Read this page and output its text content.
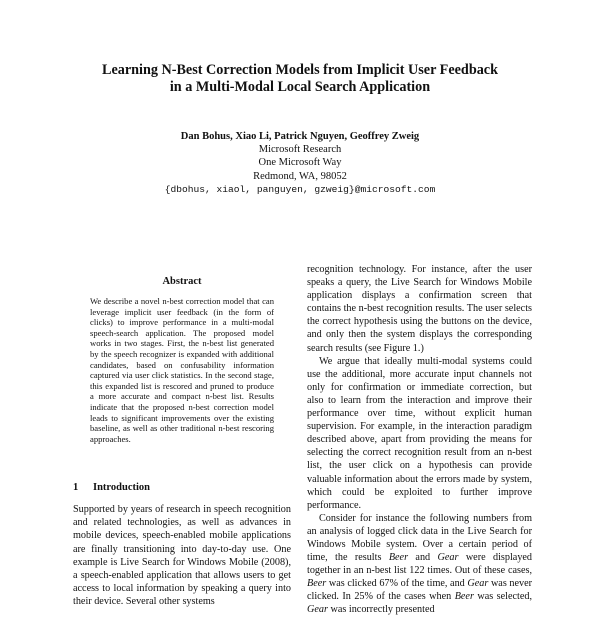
Learning N-Best Correction Models from Implicit User Feedback
in a Multi-Modal Local Search Application
Dan Bohus, Xiao Li, Patrick Nguyen, Geoffrey Zweig
Microsoft Research
One Microsoft Way
Redmond, WA, 98052
{dbohus, xiaol, panguyen, gzweig}@microsoft.com
Abstract
We describe a novel n-best correction model that can leverage implicit user feedback (in the form of clicks) to improve performance in a multi-modal speech-search application. The proposed model works in two stages. First, the n-best list generated by the speech recognizer is expanded with additional candidates, based on confusability information captured via user click statistics. In the second stage, this expanded list is rescored and pruned to produce a more accurate and compact n-best list. Results indicate that the proposed n-best correction model leads to significant improvements over the existing baseline, as well as other traditional n-best rescoring approaches.
1 Introduction
Supported by years of research in speech recognition and related technologies, as well as advances in mobile devices, speech-enabled mobile applications are finally transitioning into day-to-day use. One example is Live Search for Windows Mobile (2008), a speech-enabled application that allows users to get access to local information by speaking a query into their device. Several other systems

recognition technology. For instance, after the user speaks a query, the Live Search for Windows Mobile application displays a confirmation screen that contains the n-best recognition results. The user selects the correct hypothesis using the buttons on the device, and only then the system displays the corresponding search results (see Figure 1.)

We argue that ideally multi-modal systems could use the additional, more accurate input channels not only for confirmation or immediate correction, but also to learn from the interaction and improve their performance over time, without explicit human supervision. For example, in the interaction paradigm described above, apart from providing the means for selecting the correct recognition result from an n-best list, the user click on a hypothesis can provide valuable information about the errors made by system, which could be exploited to further improve performance.

Consider for instance the following numbers from an analysis of logged click data in the Live Search for Windows Mobile system. Over a certain period of time, the results Beer and Gear were displayed together in an n-best list 122 times. Out of these cases, Beer was clicked 67% of the time, and Gear was never clicked. In 25% of the cases when Beer was selected, Gear was incorrectly presented
